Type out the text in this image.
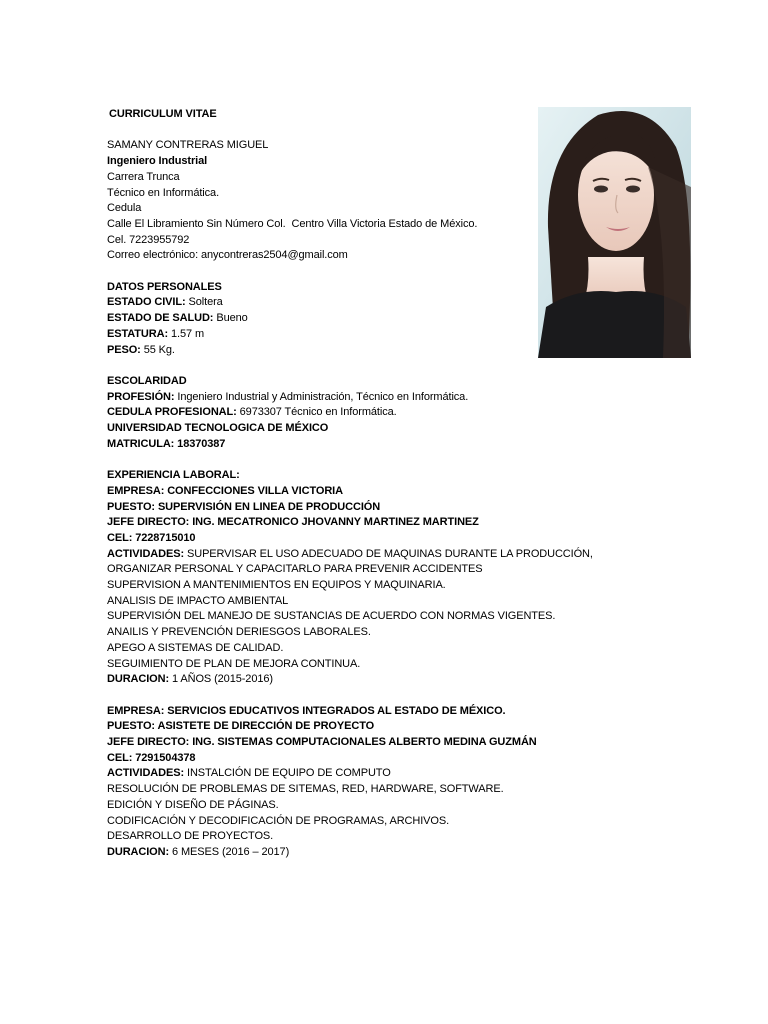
CURRICULUM VITAE
SAMANY CONTRERAS MIGUEL
Ingeniero Industrial
Carrera Trunca
Técnico en Informática.
Cedula
Calle El Libramiento Sin Número Col.  Centro Villa Victoria Estado de México.
Cel. 7223955792
Correo electrónico: anycontreras2504@gmail.com
DATOS PERSONALES
ESTADO CIVIL: Soltera
ESTADO DE SALUD: Bueno
ESTATURA: 1.57 m
PESO: 55 Kg.
ESCOLARIDAD
PROFESIÓN: Ingeniero Industrial y Administración, Técnico en Informática.
CEDULA PROFESIONAL: 6973307 Técnico en Informática.
UNIVERSIDAD TECNOLOGICA DE MÉXICO
MATRICULA: 18370387
EXPERIENCIA LABORAL:
EMPRESA: CONFECCIONES VILLA VICTORIA
PUESTO: SUPERVISIÓN EN LINEA DE PRODUCCIÓN
JEFE DIRECTO: ING. MECATRONICO JHOVANNY MARTINEZ MARTINEZ
CEL: 7228715010
ACTIVIDADES: SUPERVISAR EL USO ADECUADO DE MAQUINAS DURANTE LA PRODUCCIÓN,
ORGANIZAR PERSONAL Y CAPACITARLO PARA PREVENIR ACCIDENTES
SUPERVISION A MANTENIMIENTOS EN EQUIPOS Y MAQUINARIA.
ANALISIS DE IMPACTO AMBIENTAL
SUPERVISIÓN DEL MANEJO DE SUSTANCIAS DE ACUERDO CON NORMAS VIGENTES.
ANAILIS Y PREVENCIÓN DERIESGOS LABORALES.
APEGO A SISTEMAS DE CALIDAD.
SEGUIMIENTO DE PLAN DE MEJORA CONTINUA.
DURACION: 1 AÑOS (2015-2016)
EMPRESA: SERVICIOS EDUCATIVOS INTEGRADOS AL ESTADO DE MÉXICO.
PUESTO: ASISTETE DE DIRECCIÓN DE PROYECTO
JEFE DIRECTO: ING. SISTEMAS COMPUTACIONALES ALBERTO MEDINA GUZMÁN
CEL: 7291504378
ACTIVIDADES: INSTALCIÓN DE EQUIPO DE COMPUTO
RESOLUCIÓN DE PROBLEMAS DE SITEMAS, RED, HARDWARE, SOFTWARE.
EDICIÓN Y DISEÑO DE PÁGINAS.
CODIFICACIÓN Y DECODIFICACIÓN DE PROGRAMAS, ARCHIVOS.
DESARROLLO DE PROYECTOS.
DURACION: 6 MESES (2016 – 2017)
